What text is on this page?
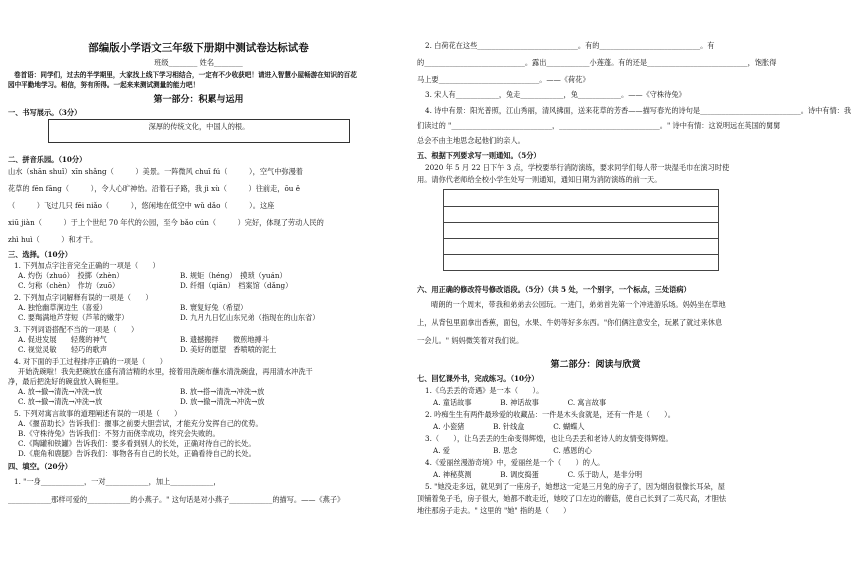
部编版小学语文三年级下册期中测试卷达标试卷
班级________ 姓名________
卷首语：同学们，过去的半学期里，大家找上线下学习相结合，一定有不少收获吧！请进入智慧小屋畅游在知识的百花
园中平勤地学习。相信，努有所得。一起来来测试测量的能力吧！
第一部分：积累与运用
一、书写展示。（3分）
深厚的传统文化，中国人的根。
二、拼音乐园。（10分）
山水（shān shuǐ）xīn shǎng（　　　）美景。一阵微风 chuī fú（　　　），空气中弥漫着
花草的 fēn fāng（　　　），令人心旷神怡。沿着石子路，我 jì xù（　　　）往前走，ōu ě
（　　　）飞过几只 fēi niǎo（　　　），悠闲地在低空中 wǔ dǎo（　　　）。这座
xiū jiàn（　　　）于上个世纪 70 年代的公园，至今 bǎo cún（　　　）完好，体现了劳动人民的
zhì huì（　　　）和才干。
三、选择。（10分）
1. 下列加点字注音完全正确的一项是（　　）
A. 灼伤（zhuó）　投掷（zhèn）	B. 规矩（héng）　摸琐（yuán）
C. 匀称（chèn）　作坊（zuō）	D. 纤细（qiān）　档案馆（dǎng）
2. 下列加点字词解释有误的一项是（　　）
A. 独怆幽草涧边生（喜爱）	B. 寰复好兔（希望）
C. 要羯满地芦芽短（芦苇的嫩芽）	D. 九月九日忆山东兄弟（指现在的山东省）
3. 下列词语搭配不当的一项是（　　）
A. 促进发展　　轻蔑的神气	B. 遗撼搬拌　　微煎地搏斗
C. 视觉灵敏　　轻巧的歌声	D. 美好的愿望　香喷喷的泥土
4. 对下面的手工过程排序正确的一项是（　　）
开始洗碗啦！我先把碗放在盛有清洁精的水里，接着用洗碗布蘸水清洗碗盘，再用清水冲洗干
净，最后把洗好的碗盘放入碗柜里。
A. 放→撤→清洗→冲洗→放	B. 放→搭→清洗→冲洗→放
C. 放→撤→清洗→冲洗→放	D. 放→撤→清洗→冲洗→放
5. 下列对寓言故事的道理阐述有误的一项是（　　）
A.《揠苗助长》告诉我们：揠事之前要大胆尝试，才能充分发挥自己的优势。
B.《守株待兔》告诉我们：不努力而侥幸成功，终究会失败的。
C.《陶罐和铁罐》告诉我们：要多看到别人的长处，正确对待自己的长处。
D.《鹿角和鹿腿》告诉我们：事物各有自己的长处，正确看待自己的长处。
四、填空。（20分）
1. "一身____________，一对____________，加上____________，
____________那样可爱的____________的小燕子。" 这句话是对小燕子____________的描写。——《燕子》
2. 白荷花在这些____________________________。有的____________________________。有
的____________________________。露出____________小莲蓬。有的还是____________________________，饱胀得
马上要____________________________。——《荷花》
3. 宋人有____________，兔走____________，兔____________。——《守株待兔》
4. 诗中有景：阳光普照，江山秀丽，清风拂面，送来花草的芳香——描写春光的诗句是____________________________。诗中有情：我
们读过的 "____________________________，____________________________。" 诗中有情：这说明远在英国的舅舅
总会不由主地思念起他们的亲人。
五、根据下列要求写一则通知。（5分）
2020 年 5 月 22 日下午 3 点，学校要举行消防演练，要求同学们每人带一块湿毛巾在演习时使
用。请你代老师给全校小学生处写一则通知，通知日期为消防演练的前一天。
六、用正确的修改符号修改语段。（5分）（共 5 处，一个别字，一个标点，三处语病）
晴朗的一个周末，带我和弟弟去公园玩。一进门，弟弟首先第一个冲进游乐场。妈妈坐在草地
上，从背包里面拿出香蕉，面包，水果、牛奶等好多东西。"你们俩注意安全，玩累了就过来休息
一会儿。" 妈妈微笑着对我们说。
第二部分：阅读与欣赏
七、回忆课外书，完成练习。（10分）
1.《乌丢丢的奇遇》是一本（　　）。
A. 童话故事　　　　B. 神话故事　　　　C. 寓言故事
2. 吟痴生生有两件最珍爱的收藏品：一件是木头食就是，还有一件是（　　）。
A. 小瓷猪　　　　B. 针线盒　　　　C. 蝴蝶人
3.（　　），让乌丢丢的生命变得辉煌，也让乌丢丢和老诗人的友情变得辉煌。
A. 爱　　　　　　B. 思念　　　　　C. 感恩的心
4.《爱丽丝漫游奇境》中，爱丽丝是一个（　　）的人。
A. 神秘莫测　　　　B. 调皮捣蛋　　　　C. 乐于助人，是非分明
5. "她没走多远，就见到了一座房子，她想这一定是三月兔的房子了，因为烟囱很像长耳朵，屋
顶铺着兔子毛，房子很大，她都不敢走近，她咬了口左边的蘑菇，使自己长到了二英尺高，才胆怯
地往那房子走去。" 这里的 "她" 指的是（　　）
